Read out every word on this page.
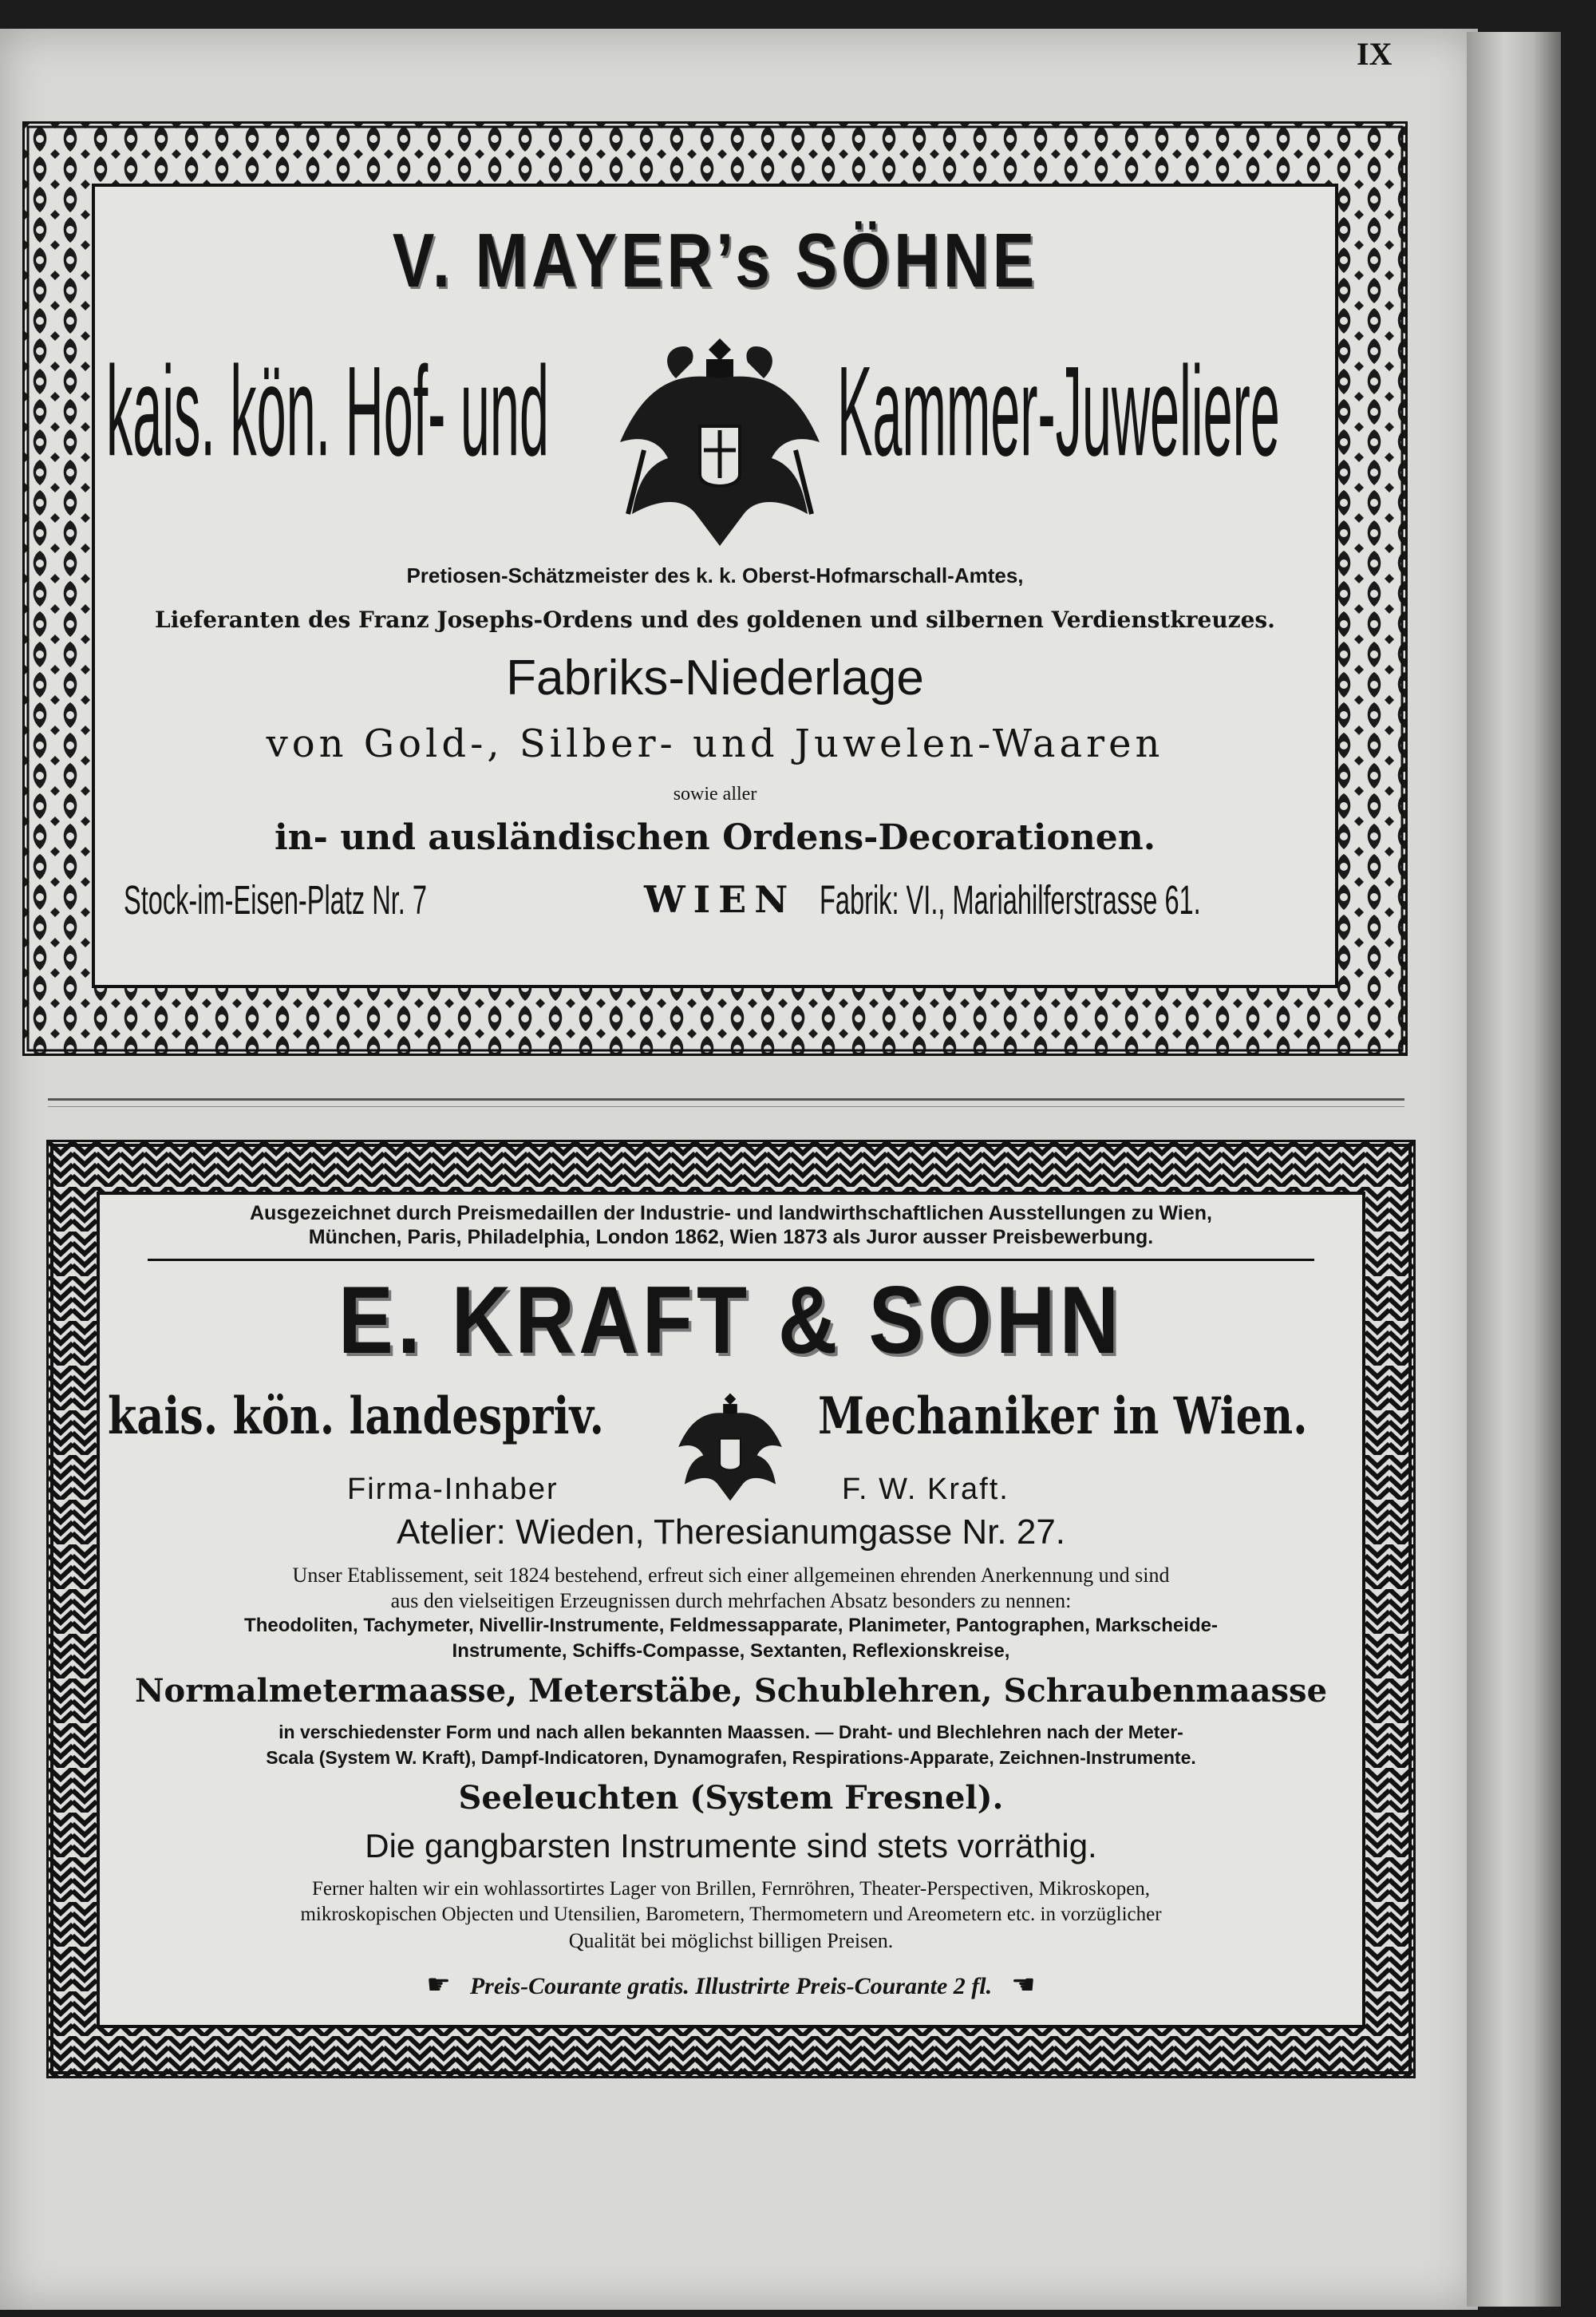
IX
V. MAYER’s SÖHNE
kais. kön. Hof- und	Kammer-Juweliere
Pretiosen-Schätzmeister des k. k. Oberst-Hofmarschall-Amtes,
Lieferanten des Franz Josephs-Ordens und des goldenen und silbernen Verdienstkreuzes.
Fabriks-Niederlage
von Gold-, Silber- und Juwelen-Waaren
sowie aller
in- und ausländischen Ordens-Decorationen.
Stock-im-Eisen-Platz Nr. 7	WIEN Fabrik: VI., Mariahilferstrasse 61.
Ausgezeichnet durch Preismedaillen der Industrie- und landwirthschaftlichen Ausstellungen zu Wien,
München, Paris, Philadelphia, London 1862, Wien 1873 als Juror ausser Preisbewerbung.
E. KRAFT & SOHN
kais. kön. landespriv.	Mechaniker in Wien.
Firma-Inhaber	F. W. Kraft.
Atelier: Wieden, Theresianumgasse Nr. 27.
Unser Etablissement, seit 1824 bestehend, erfreut sich einer allgemeinen ehrenden Anerkennung und sind
aus den vielseitigen Erzeugnissen durch mehrfachen Absatz besonders zu nennen:
Theodoliten, Tachymeter, Nivellir-Instrumente, Feldmessapparate, Planimeter, Pantographen, Markscheide-
Instrumente, Schiffs-Compasse, Sextanten, Reflexionskreise,
Normalmetermaasse, Meterstäbe, Schublehren, Schraubenmaasse
in verschiedenster Form und nach allen bekannten Maassen. — Draht- und Blechlehren nach der Meter-
Scala (System W. Kraft), Dampf-Indicatoren, Dynamografen, Respirations-Apparate, Zeichnen-Instrumente.
Seeleuchten (System Fresnel).
Die gangbarsten Instrumente sind stets vorräthig.
Ferner halten wir ein wohlassortirtes Lager von Brillen, Fernröhren, Theater-Perspectiven, Mikroskopen,
mikroskopischen Objecten und Utensilien, Barometern, Thermometern und Areometern etc. in vorzüglicher
Qualität bei möglichst billigen Preisen.
☛ Preis-Courante gratis. Illustrirte Preis-Courante 2 fl. ☚
